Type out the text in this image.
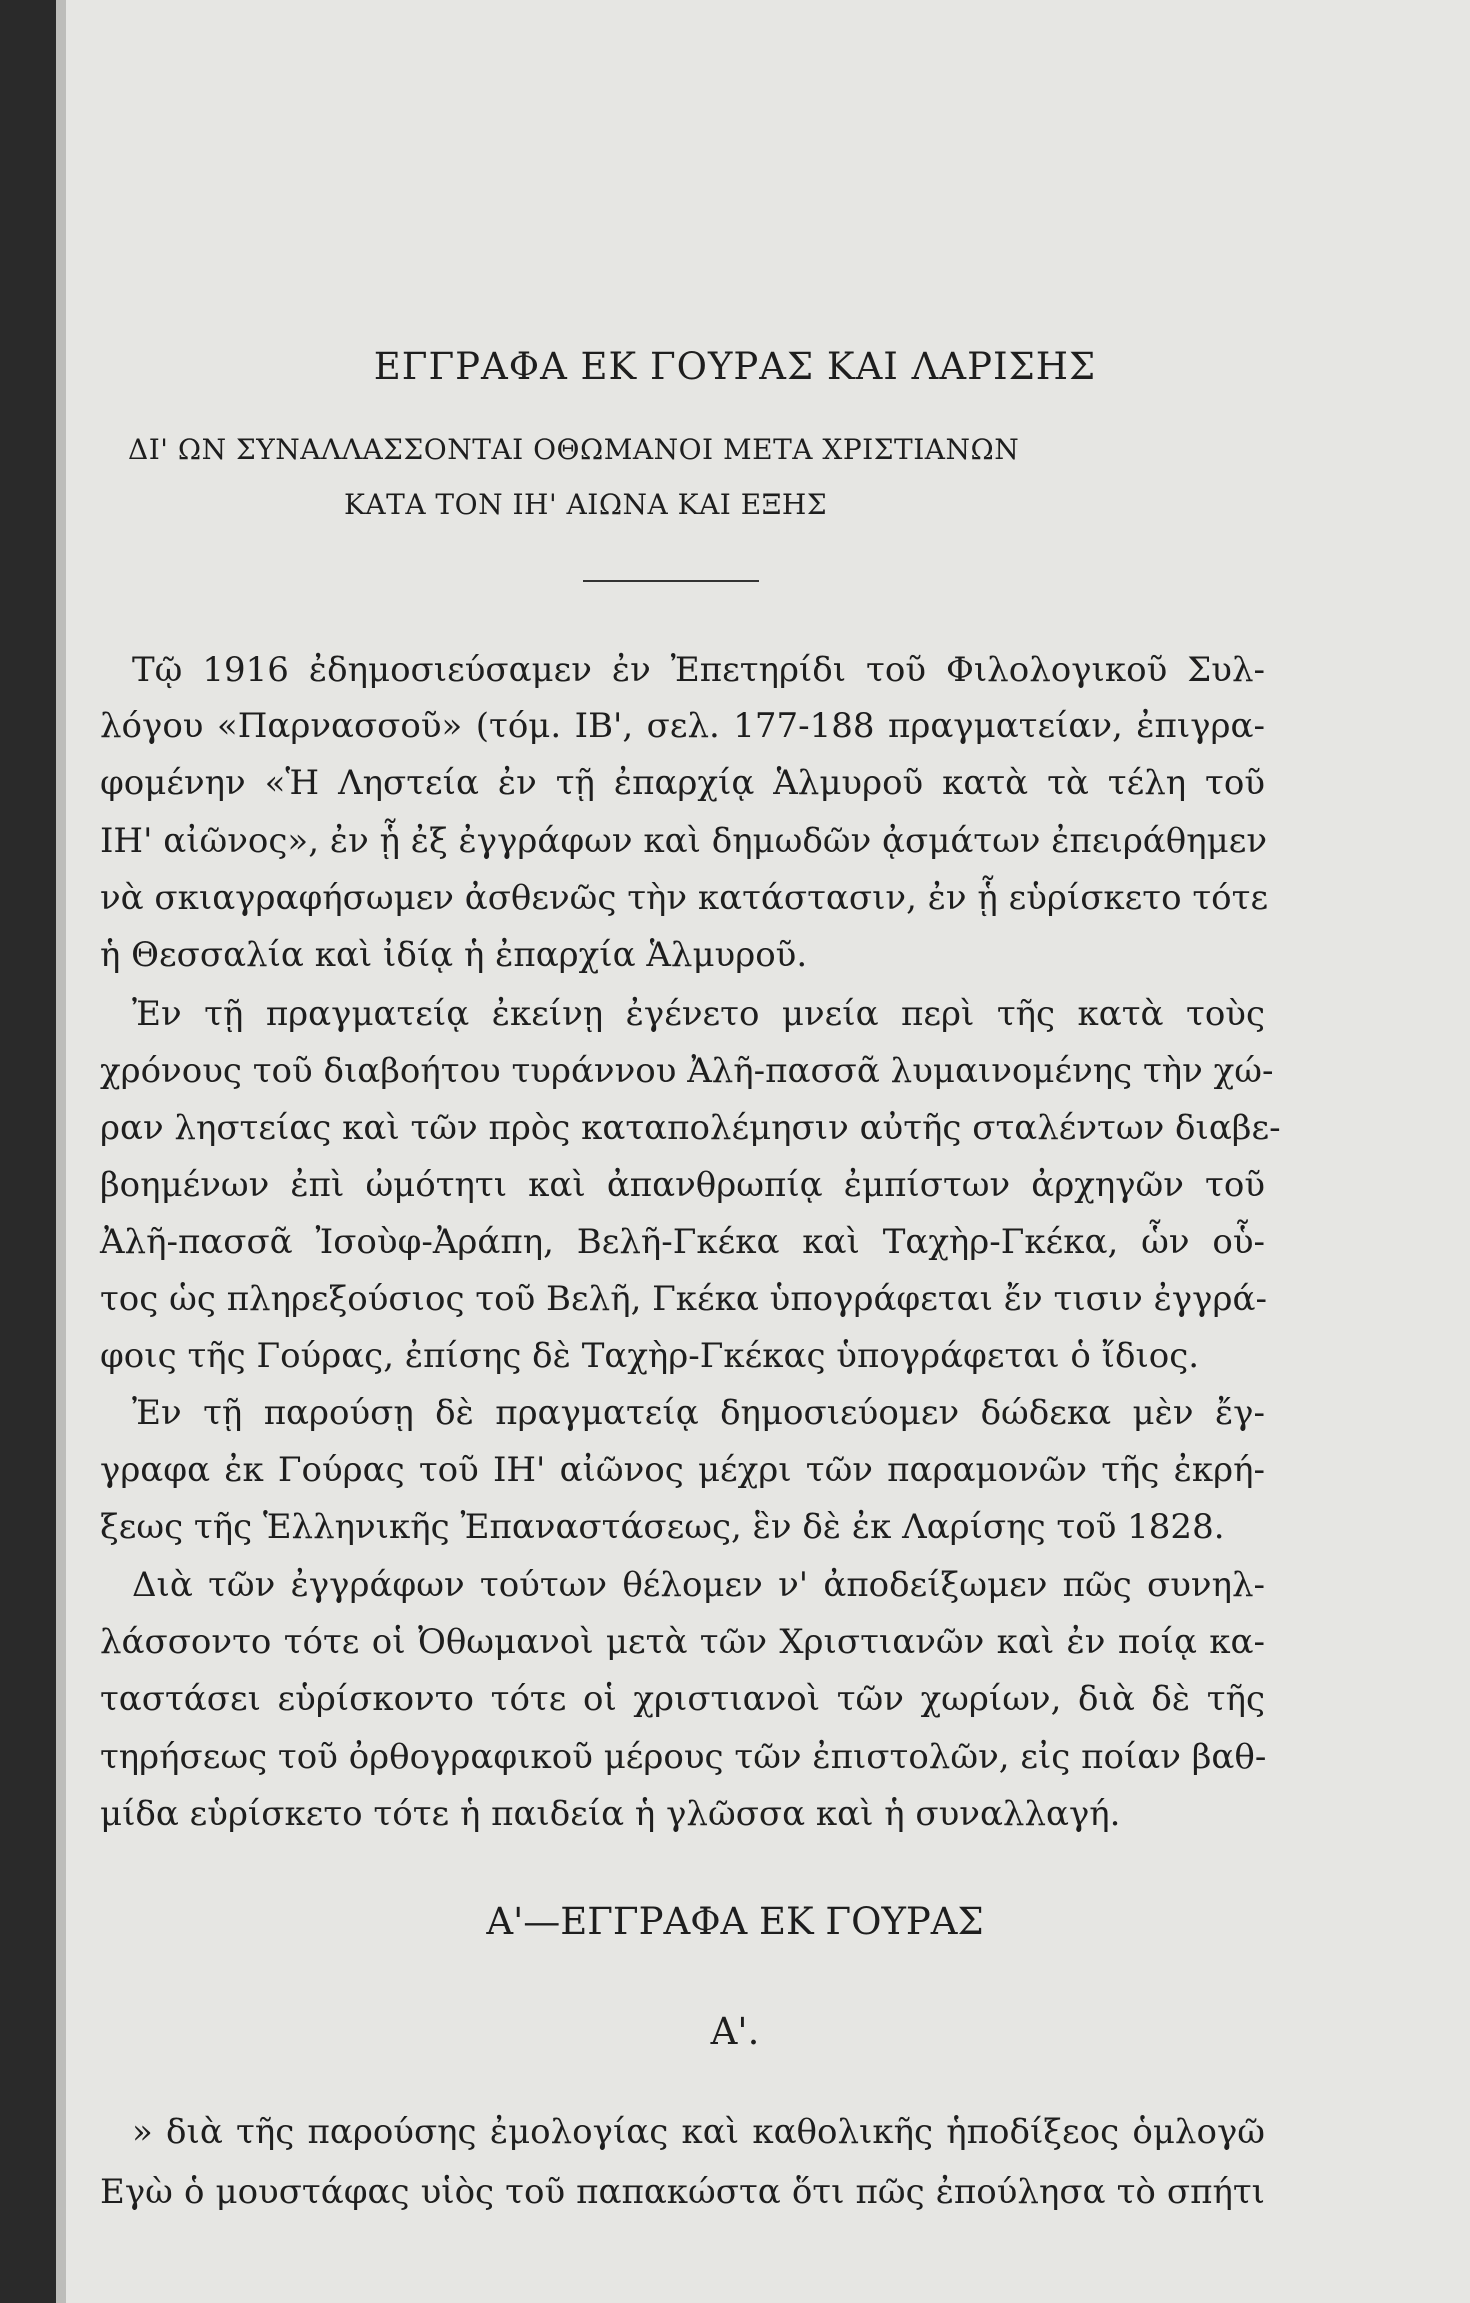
ΕΓΓΡΑΦΑ ΕΚ ΓΟΥΡΑΣ ΚΑΙ ΛΑΡΙΣΗΣ
ΔΙ' ΩΝ ΣΥΝΑΛΛΑΣΣΟΝΤΑΙ ΟΘΩΜΑΝΟΙ ΜΕΤΑ ΧΡΙΣΤΙΑΝΩΝ
ΚΑΤΑ ΤΟΝ ΙΗ' ΑΙΩΝΑ ΚΑΙ ΕΞΗΣ
Τῷ 1916 ἐδημοσιεύσαμεν ἐν Ἐπετηρίδι τοῦ Φιλολογικοῦ Συλ-
λόγου «Παρνασσοῦ» (τόμ. ΙΒ', σελ. 177-188 πραγματείαν, ἐπιγρα-
φομένην «Ἡ Ληστεία ἐν τῇ ἐπαρχίᾳ Ἁλμυροῦ κατὰ τὰ τέλη τοῦ
ΙΗ' αἰῶνος», ἐν ᾗ ἐξ ἐγγράφων καὶ δημωδῶν ᾀσμάτων ἐπειράθημεν
νὰ σκιαγραφήσωμεν ἀσθενῶς τὴν κατάστασιν, ἐν ᾗ εὑρίσκετο τότε
ἡ Θεσσαλία καὶ ἰδίᾳ ἡ ἐπαρχία Ἁλμυροῦ.
Ἐν τῇ πραγματείᾳ ἐκείνῃ ἐγένετο μνεία περὶ τῆς κατὰ τοὺς
χρόνους τοῦ διαβοήτου τυράννου Ἀλῆ-πασσᾶ λυμαινομένης τὴν χώ-
ραν ληστείας καὶ τῶν πρὸς καταπολέμησιν αὐτῆς σταλέντων διαβε-
βοημένων ἐπὶ ὠμότητι καὶ ἀπανθρωπίᾳ ἐμπίστων ἀρχηγῶν τοῦ
Ἀλῆ-πασσᾶ Ἰσοὺφ-Ἀράπη, Βελῆ-Γκέκα καὶ Ταχὴρ-Γκέκα, ὧν οὗ-
τος ὡς πληρεξούσιος τοῦ Βελῆ, Γκέκα ὑπογράφεται ἔν τισιν ἐγγρά-
φοις τῆς Γούρας, ἐπίσης δὲ Ταχὴρ-Γκέκας ὑπογράφεται ὁ ἴδιος.
Ἐν τῇ παρούσῃ δὲ πραγματείᾳ δημοσιεύομεν δώδεκα μὲν ἔγ-
γραφα ἐκ Γούρας τοῦ ΙΗ' αἰῶνος μέχρι τῶν παραμονῶν τῆς ἐκρή-
ξεως τῆς Ἑλληνικῆς Ἐπαναστάσεως, ἓν δὲ ἐκ Λαρίσης τοῦ 1828.
Διὰ τῶν ἐγγράφων τούτων θέλομεν ν' ἀποδείξωμεν πῶς συνηλ-
λάσσοντο τότε οἱ Ὀθωμανοὶ μετὰ τῶν Χριστιανῶν καὶ ἐν ποίᾳ κα-
ταστάσει εὑρίσκοντο τότε οἱ χριστιανοὶ τῶν χωρίων, διὰ δὲ τῆς
τηρήσεως τοῦ ὀρθογραφικοῦ μέρους τῶν ἐπιστολῶν, εἰς ποίαν βαθ-
μίδα εὑρίσκετο τότε ἡ παιδεία ἡ γλῶσσα καὶ ἡ συναλλαγή.
Α'—ΕΓΓΡΑΦΑ ΕΚ ΓΟΥΡΑΣ
Α'.
» διὰ τῆς παρούσης ἐμολογίας καὶ καθολικῆς ἡποδίξεος ὁμλογῶ
Εγὼ ὁ μουστάφας υἱὸς τοῦ παπακώστα ὅτι πῶς ἐπούλησα τὸ σπήτι
